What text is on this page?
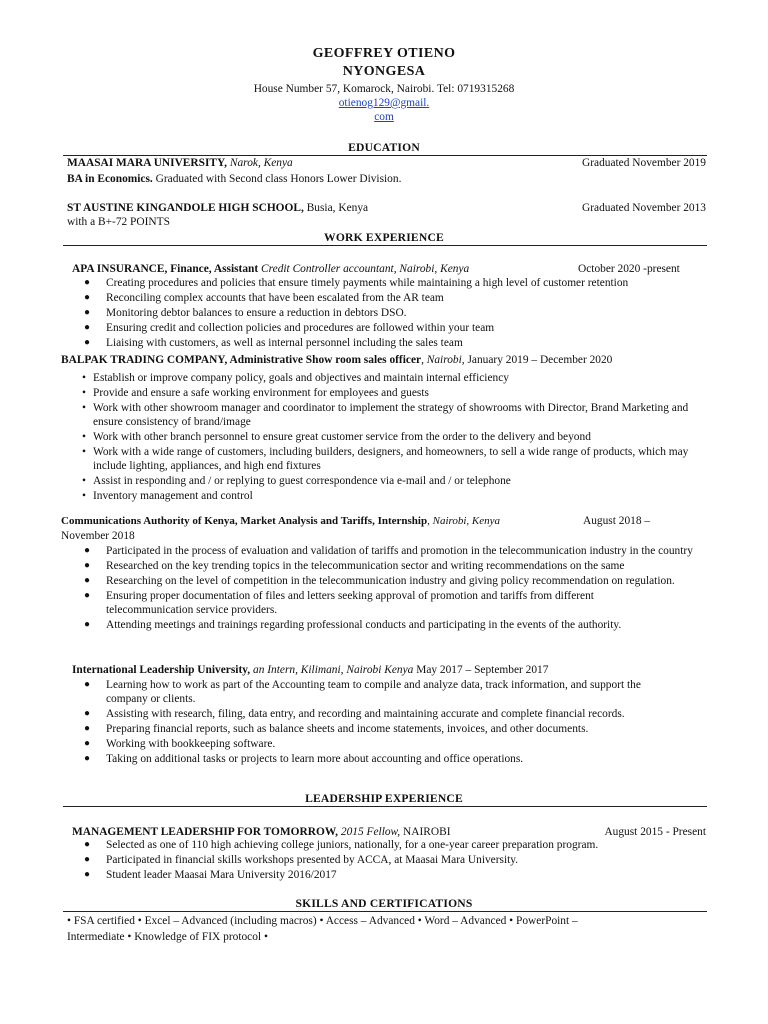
GEOFFREY OTIENO
NYONGESA
House Number 57, Komarock, Nairobi. Tel: 0719315268
otienog129@gmail.
com
EDUCATION
MAASAI MARA UNIVERSITY, Narok, Kenya	Graduated November 2019
BA in Economics. Graduated with Second class Honors Lower Division.
ST AUSTINE KINGANDOLE HIGH SCHOOL, Busia, Kenya	Graduated November 2013
with a B+-72 POINTS
WORK EXPERIENCE
APA INSURANCE, Finance, Assistant Credit Controller accountant, Nairobi, Kenya	October 2020 -present
●	Creating procedures and policies that ensure timely payments while maintaining a high level of customer retention
●	Reconciling complex accounts that have been escalated from the AR team
●	Monitoring debtor balances to ensure a reduction in debtors DSO.
●	Ensuring credit and collection policies and procedures are followed within your team
●	Liaising with customers, as well as internal personnel including the sales team
BALPAK TRADING COMPANY, Administrative Show room sales officer, Nairobi, January 2019 – December 2020
• Establish or improve company policy, goals and objectives and maintain internal efficiency
• Provide and ensure a safe working environment for employees and guests
• Work with other showroom manager and coordinator to implement the strategy of showrooms with Director, Brand Marketing and ensure consistency of brand/image
• Work with other branch personnel to ensure great customer service from the order to the delivery and beyond
• Work with a wide range of customers, including builders, designers, and homeowners, to sell a wide range of products, which may include lighting, appliances, and high end fixtures
• Assist in responding and / or replying to guest correspondence via e-mail and / or telephone
• Inventory management and control
Communications Authority of Kenya, Market Analysis and Tariffs, Internship, Nairobi, Kenya	August 2018 –
November 2018
●	Participated in the process of evaluation and validation of tariffs and promotion in the telecommunication industry in the country
●	Researched on the key trending topics in the telecommunication sector and writing recommendations on the same
●	Researching on the level of competition in the telecommunication industry and giving policy recommendation on regulation.
●	Ensuring proper documentation of files and letters seeking approval of promotion and tariffs from different telecommunication service providers.
●	Attending meetings and trainings regarding professional conducts and participating in the events of the authority.
International Leadership University, an Intern, Kilimani, Nairobi Kenya May 2017 – September 2017
●	Learning how to work as part of the Accounting team to compile and analyze data, track information, and support the company or clients.
●	Assisting with research, filing, data entry, and recording and maintaining accurate and complete financial records.
●	Preparing financial reports, such as balance sheets and income statements, invoices, and other documents.
●	Working with bookkeeping software.
●	Taking on additional tasks or projects to learn more about accounting and office operations.
LEADERSHIP EXPERIENCE
MANAGEMENT LEADERSHIP FOR TOMORROW, 2015 Fellow, NAIROBI	August 2015 - Present
●	Selected as one of 110 high achieving college juniors, nationally, for a one-year career preparation program.
●	Participated in financial skills workshops presented by ACCA, at Maasai Mara University.
●	Student leader Maasai Mara University 2016/2017
SKILLS AND CERTIFICATIONS
• FSA certified • Excel – Advanced (including macros) • Access – Advanced • Word – Advanced • PowerPoint –
Intermediate • Knowledge of FIX protocol •
